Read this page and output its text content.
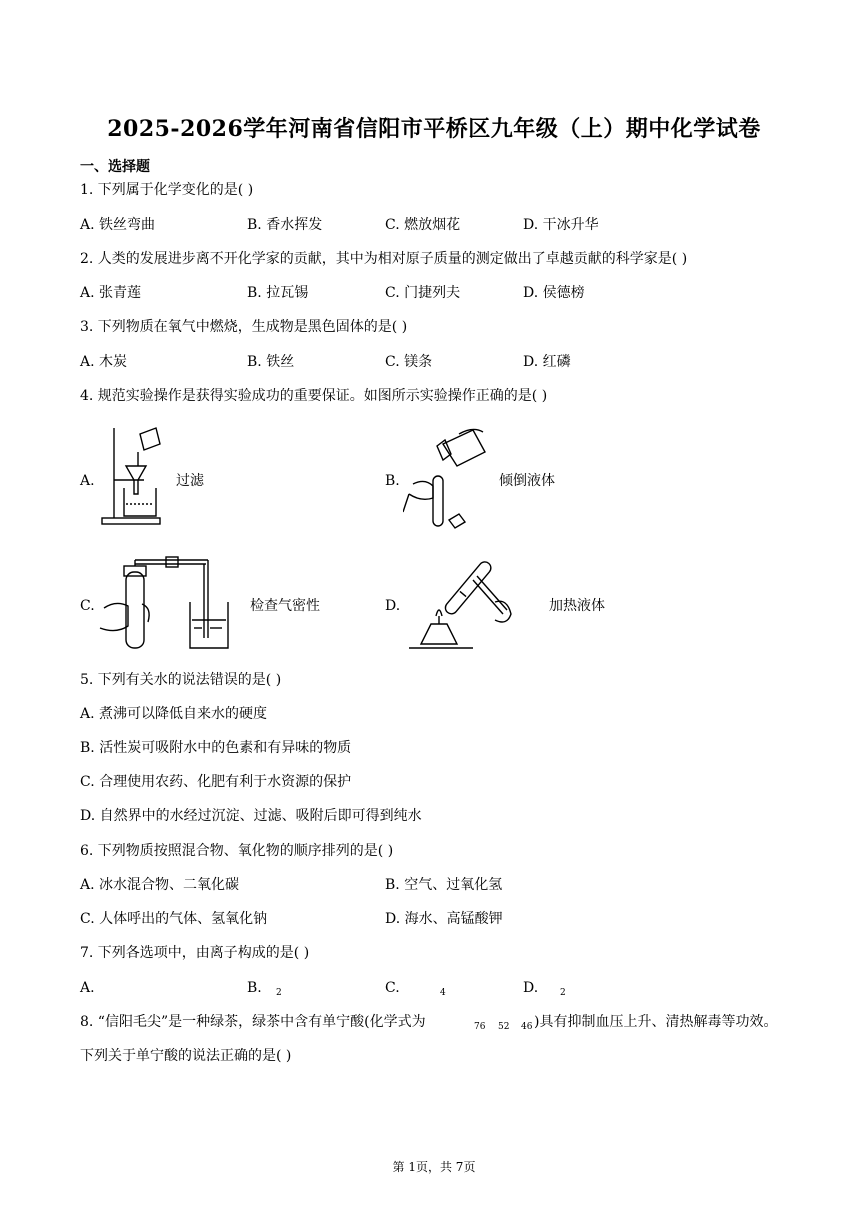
2025-2026学年河南省信阳市平桥区九年级（上）期中化学试卷
一、选择题
1. 下列属于化学变化的是( )
A. 铁丝弯曲	B. 香水挥发	C. 燃放烟花	D. 干冰升华
2. 人类的发展进步离不开化学家的贡献，其中为相对原子质量的测定做出了卓越贡献的科学家是( )
A. 张青莲	B. 拉瓦锡	C. 门捷列夫	D. 侯德榜
3. 下列物质在氧气中燃烧，生成物是黑色固体的是( )
A. 木炭	B. 铁丝	C. 镁条	D. 红磷
4. 规范实验操作是获得实验成功的重要保证。如图所示实验操作正确的是( )
A.	过滤	B.	倾倒液体
C.	检查气密性	D.	加热液体
5. 下列有关水的说法错误的是( )
A. 煮沸可以降低自来水的硬度
B. 活性炭可吸附水中的色素和有异味的物质
C. 合理使用农药、化肥有利于水资源的保护
D. 自然界中的水经过沉淀、过滤、吸附后即可得到纯水
6. 下列物质按照混合物、氧化物的顺序排列的是( )
A. 冰水混合物、二氧化碳	B. 空气、过氧化氢
C. 人体呼出的气体、氢氧化钠	D. 海水、高锰酸钾
7. 下列各选项中，由离子构成的是( )
A.	B. 2	C.	4	D. 2
8. “信阳毛尖”是一种绿茶，绿茶中含有单宁酸(化学式为	76 52 46 )具有抑制血压上升、清热解毒等功效。
下列关于单宁酸的说法正确的是( )
第 1页，共 7页
